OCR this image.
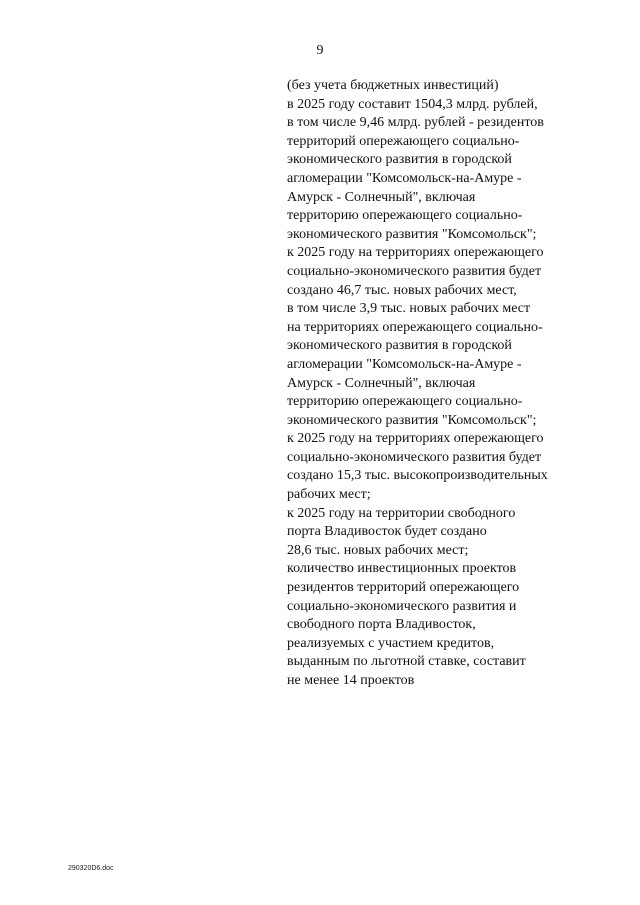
9
(без учета бюджетных инвестиций)
в 2025 году составит 1504,3 млрд. рублей,
в том числе 9,46 млрд. рублей - резидентов
территорий опережающего социально-
экономического развития в городской
агломерации "Комсомольск-на-Амуре -
Амурск - Солнечный", включая
территорию опережающего социально-
экономического развития "Комсомольск";
к 2025 году на территориях опережающего
социально-экономического развития будет
создано 46,7 тыс. новых рабочих мест,
в том числе 3,9 тыс. новых рабочих мест
на территориях опережающего социально-
экономического развития в городской
агломерации "Комсомольск-на-Амуре -
Амурск - Солнечный", включая
территорию опережающего социально-
экономического развития "Комсомольск";
к 2025 году на территориях опережающего
социально-экономического развития будет
создано 15,3 тыс. высокопроизводительных
рабочих мест;
к 2025 году на территории свободного
порта Владивосток будет создано
28,6 тыс. новых рабочих мест;
количество инвестиционных проектов
резидентов территорий опережающего
социально-экономического развития и
свободного порта Владивосток,
реализуемых с участием кредитов,
выданным по льготной ставке, составит
не менее 14 проектов
290320D6.doc
